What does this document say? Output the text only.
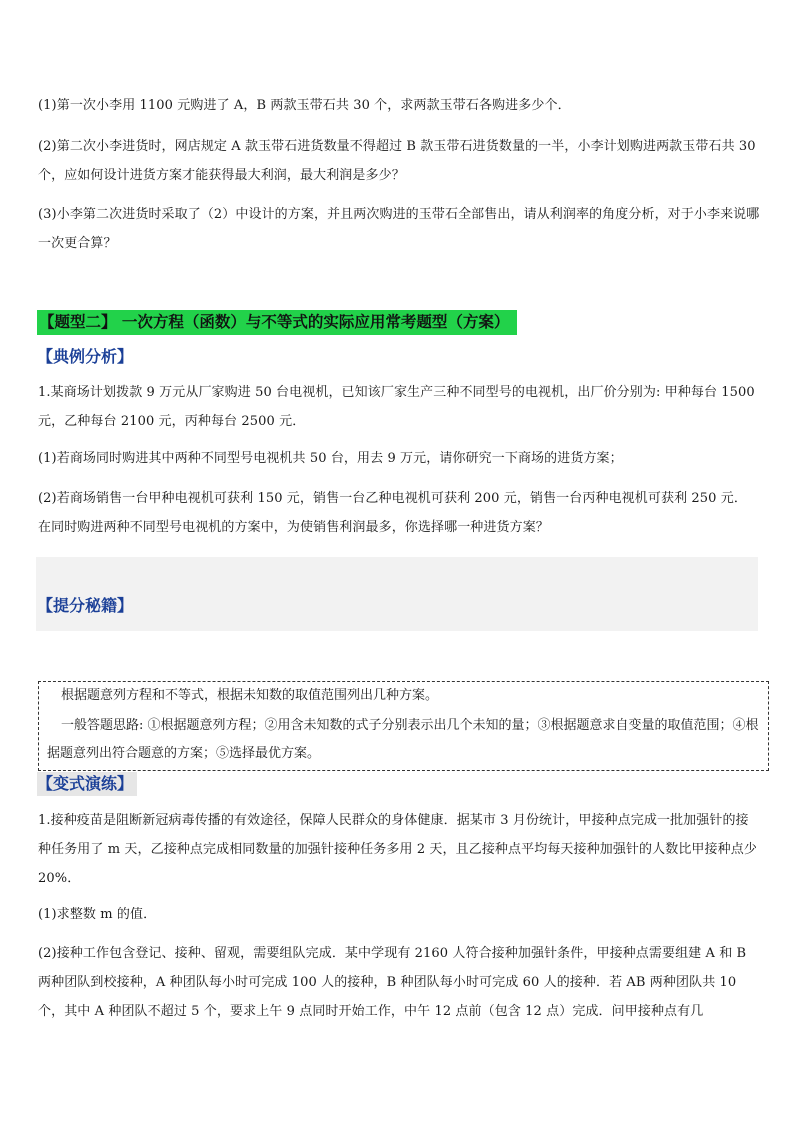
(1)第一次小李用 1100 元购进了 A，B 两款玉带石共 30 个，求两款玉带石各购进多少个．
(2)第二次小李进货时，网店规定 A 款玉带石进货数量不得超过 B 款玉带石进货数量的一半，小李计划购进两款玉带石共 30 个，应如何设计进货方案才能获得最大利润，最大利润是多少？
(3)小李第二次进货时采取了（2）中设计的方案，并且两次购进的玉带石全部售出，请从利润率的角度分析，对于小李来说哪一次更合算？
【题型二】 一次方程（函数）与不等式的实际应用常考题型（方案）
【典例分析】
1.某商场计划拨款 9 万元从厂家购进 50 台电视机，已知该厂家生产三种不同型号的电视机，出厂价分别为: 甲种每台 1500 元，乙种每台 2100 元，丙种每台 2500 元．
(1)若商场同时购进其中两种不同型号电视机共 50 台，用去 9 万元，请你研究一下商场的进货方案；
(2)若商场销售一台甲种电视机可获利 150 元，销售一台乙种电视机可获利 200 元，销售一台丙种电视机可获利 250 元．在同时购进两种不同型号电视机的方案中，为使销售利润最多，你选择哪一种进货方案？
【提分秘籍】
根据题意列方程和不等式，根据未知数的取值范围列出几种方案。
一般答题思路: ①根据题意列方程；②用含未知数的式子分别表示出几个未知的量；③根据题意求自变量的取值范围；④根据题意列出符合题意的方案；⑤选择最优方案。
【变式演练】
1.接种疫苗是阻断新冠病毒传播的有效途径，保障人民群众的身体健康．据某市 3 月份统计，甲接种点完成一批加强针的接种任务用了 m 天，乙接种点完成相同数量的加强针接种任务多用 2 天，且乙接种点平均每天接种加强针的人数比甲接种点少 20%．
(1)求整数 m 的值．
(2)接种工作包含登记、接种、留观，需要组队完成．某中学现有 2160 人符合接种加强针条件，甲接种点需要组建 A 和 B 两种团队到校接种，A 种团队每小时可完成 100 人的接种，B 种团队每小时可完成 60 人的接种．若 AB 两种团队共 10 个，其中 A 种团队不超过 5 个，要求上午 9 点同时开始工作，中午 12 点前（包含 12 点）完成．问甲接种点有几
